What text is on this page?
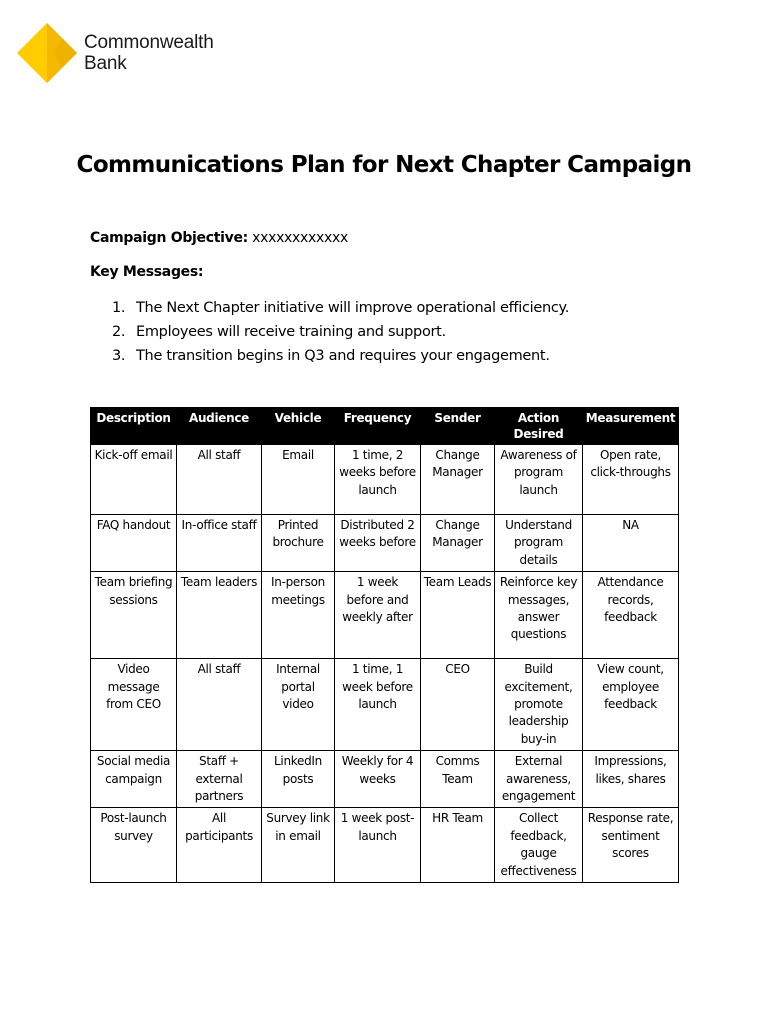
Commonwealth
Bank
Communications Plan for Next Chapter Campaign
Campaign Objective: xxxxxxxxxxxx
Key Messages:
1. The Next Chapter initiative will improve operational efficiency.
2. Employees will receive training and support.
3. The transition begins in Q3 and requires your engagement.
Description	Audience	Vehicle	Frequency	Sender	Action Desired	Measurement
Kick-off email	All staff	Email	1 time, 2 weeks before launch	Change Manager	Awareness of program launch	Open rate, click-throughs
FAQ handout	In-office staff	Printed brochure	Distributed 2 weeks before	Change Manager	Understand program details	NA
Team briefing sessions	Team leaders	In-person meetings	1 week before and weekly after	Team Leads	Reinforce key messages, answer questions	Attendance records, feedback
Video message from CEO	All staff	Internal portal video	1 time, 1 week before launch	CEO	Build excitement, promote leadership buy-in	View count, employee feedback
Social media campaign	Staff + external partners	LinkedIn posts	Weekly for 4 weeks	Comms Team	External awareness, engagement	Impressions, likes, shares
Post-launch survey	All participants	Survey link in email	1 week post-launch	HR Team	Collect feedback, gauge effectiveness	Response rate, sentiment scores
